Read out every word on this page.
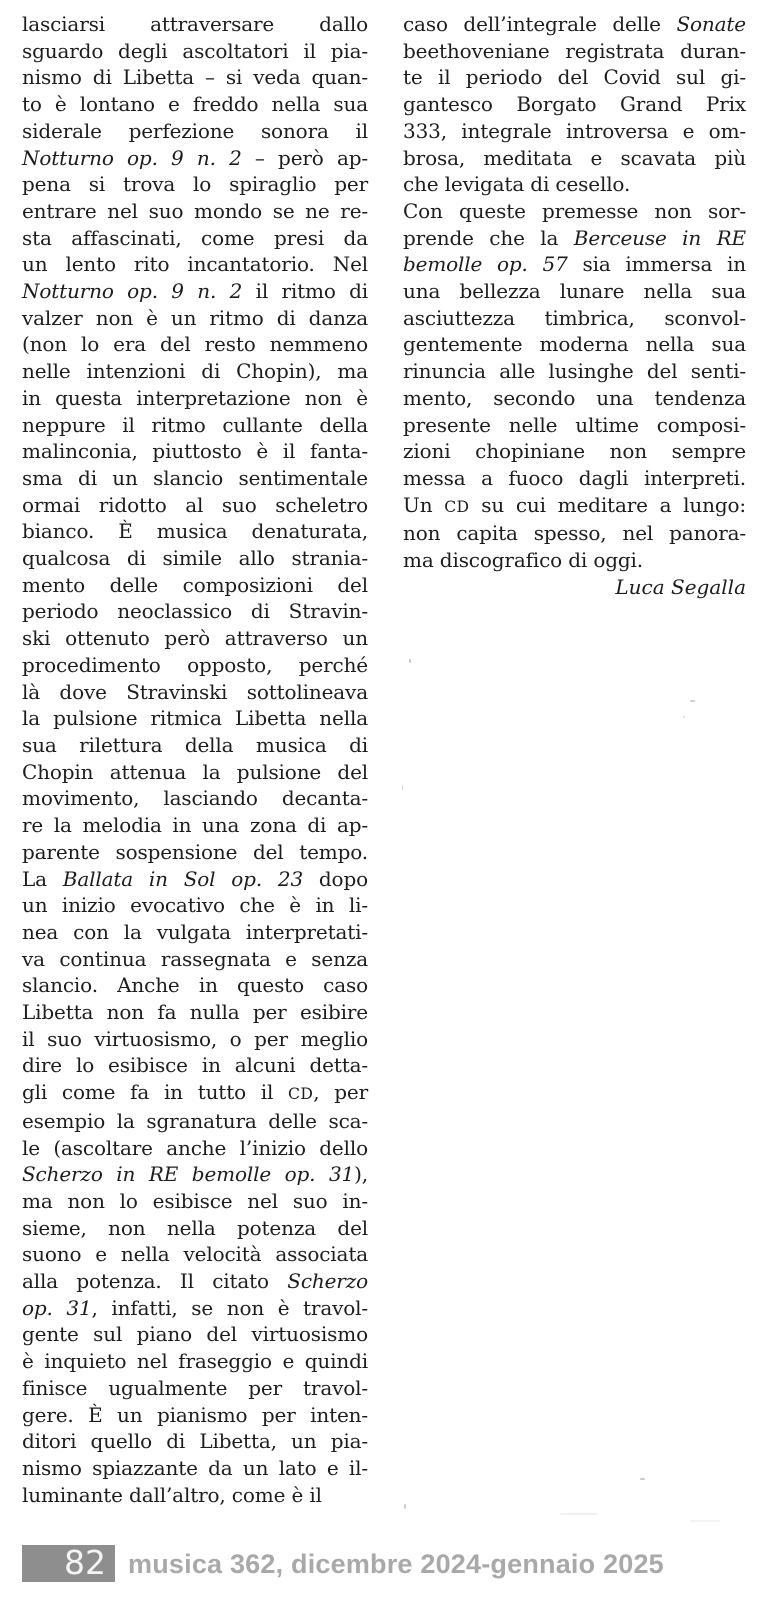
lasciarsi attraversare dallo
sguardo degli ascoltatori il pia-
nismo di Libetta – si veda quan-
to è lontano e freddo nella sua
siderale perfezione sonora il
Notturno op. 9 n. 2 – però ap-
pena si trova lo spiraglio per
entrare nel suo mondo se ne re-
sta affascinati, come presi da
un lento rito incantatorio. Nel
Notturno op. 9 n. 2 il ritmo di
valzer non è un ritmo di danza
(non lo era del resto nemmeno
nelle intenzioni di Chopin), ma
in questa interpretazione non è
neppure il ritmo cullante della
malinconia, piuttosto è il fanta-
sma di un slancio sentimentale
ormai ridotto al suo scheletro
bianco. È musica denaturata,
qualcosa di simile allo strania-
mento delle composizioni del
periodo neoclassico di Stravin-
ski ottenuto però attraverso un
procedimento opposto, perché
là dove Stravinski sottolineava
la pulsione ritmica Libetta nella
sua rilettura della musica di
Chopin attenua la pulsione del
movimento, lasciando decanta-
re la melodia in una zona di ap-
parente sospensione del tempo.
La Ballata in Sol op. 23 dopo
un inizio evocativo che è in li-
nea con la vulgata interpretati-
va continua rassegnata e senza
slancio. Anche in questo caso
Libetta non fa nulla per esibire
il suo virtuosismo, o per meglio
dire lo esibisce in alcuni detta-
gli come fa in tutto il CD, per
esempio la sgranatura delle sca-
le (ascoltare anche l’inizio dello
Scherzo in RE bemolle op. 31),
ma non lo esibisce nel suo in-
sieme, non nella potenza del
suono e nella velocità associata
alla potenza. Il citato Scherzo
op. 31, infatti, se non è travol-
gente sul piano del virtuosismo
è inquieto nel fraseggio e quindi
finisce ugualmente per travol-
gere. È un pianismo per inten-
ditori quello di Libetta, un pia-
nismo spiazzante da un lato e il-
luminante dall’altro, come è il
caso dell’integrale delle Sonate
beethoveniane registrata duran-
te il periodo del Covid sul gi-
gantesco Borgato Grand Prix
333, integrale introversa e om-
brosa, meditata e scavata più
che levigata di cesello.
Con queste premesse non sor-
prende che la Berceuse in RE
bemolle op. 57 sia immersa in
una bellezza lunare nella sua
asciuttezza timbrica, sconvol-
gentemente moderna nella sua
rinuncia alle lusinghe del senti-
mento, secondo una tendenza
presente nelle ultime composi-
zioni chopiniane non sempre
messa a fuoco dagli interpreti.
Un CD su cui meditare a lungo:
non capita spesso, nel panora-
ma discografico di oggi.
Luca Segalla
82 musica 362, dicembre 2024-gennaio 2025
